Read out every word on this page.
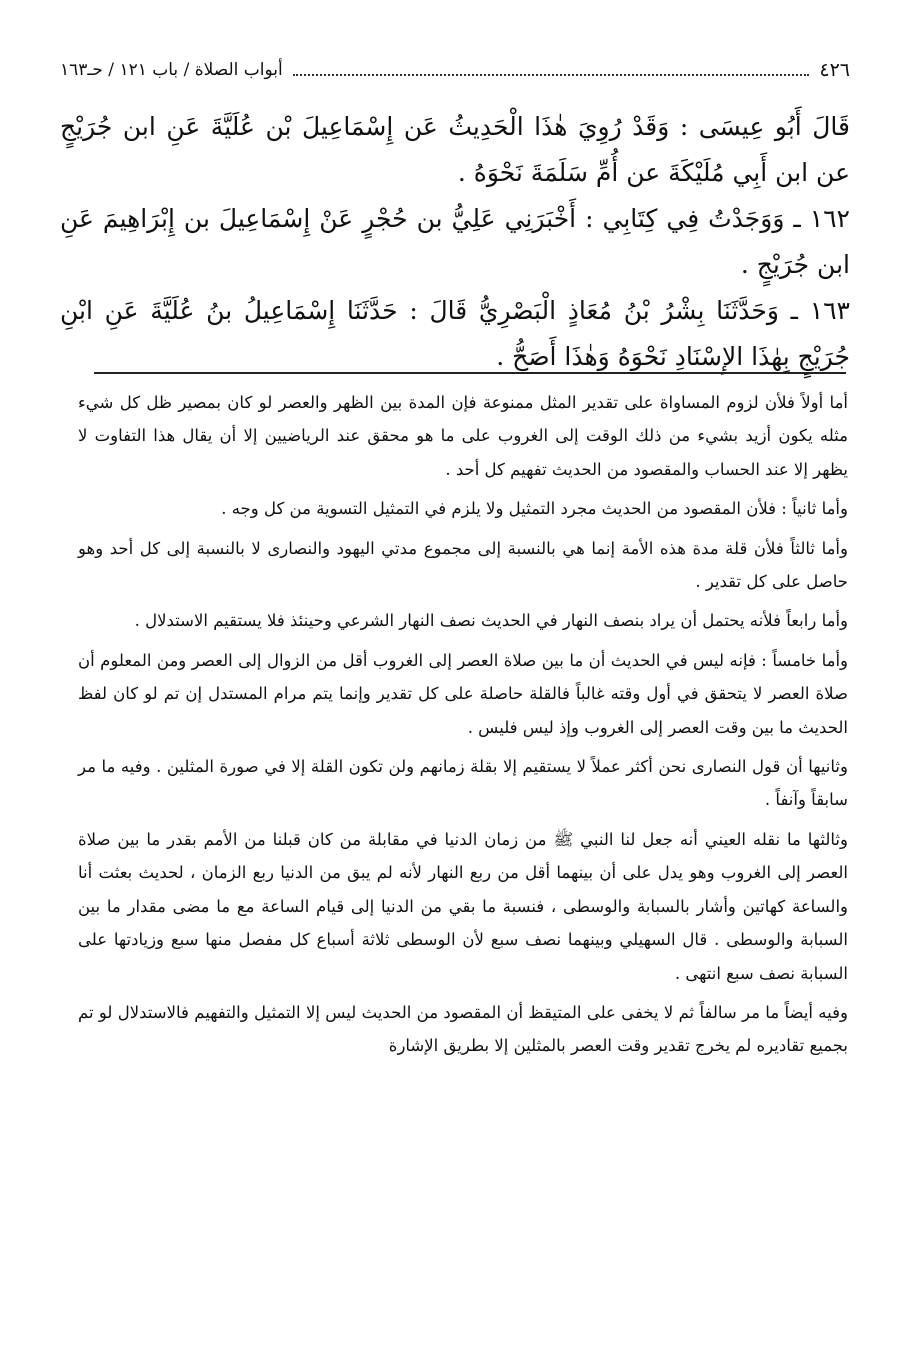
٤٢٦
أبواب الصلاة / باب ١٢١ / حـ١٦٣

قَالَ أَبُو عِيسَى : وَقَدْ رُوِيَ هٰذَا الْحَدِيثُ عَن إِسْمَاعِيلَ بْن عُلَيَّةَ عَنِ ابن جُرَيْجٍ عن ابن أَبِي مُلَيْكَةَ عن أُمِّ سَلَمَةَ نَحْوَهُ .

١٦٢ ـ وَوَجَدْتُ فِي كِتَابِي : أَخْبَرَنِي عَلِيُّ بن حُجْرٍ عَنْ إِسْمَاعِيلَ بن إِبْرَاهِيمَ عَنِ ابن جُرَيْجٍ .

١٦٣ ـ وَحَدَّثَنَا بِشْرُ بْنُ مُعَاذٍ الْبَصْرِيُّ قَالَ : حَدَّثَنَا إِسْمَاعِيلُ بنُ عُلَيَّةَ عَنِ ابْنِ جُرَيْجٍ بِهٰذَا الإِسْنَادِ نَحْوَهُ وَهٰذَا أَصَحُّ .

أما أولاً فلأن لزوم المساواة على تقدير المثل ممنوعة فإن المدة بين الظهر والعصر لو كان بمصير ظل كل شيء مثله يكون أزيد بشيء من ذلك الوقت إلى الغروب على ما هو محقق عند الرياضيين إلا أن يقال هذا التفاوت لا يظهر إلا عند الحساب والمقصود من الحديث تفهيم كل أحد .

وأما ثانياً : فلأن المقصود من الحديث مجرد التمثيل ولا يلزم في التمثيل التسوية من كل وجه .

وأما ثالثاً فلأن قلة مدة هذه الأمة إنما هي بالنسبة إلى مجموع مدتي اليهود والنصارى لا بالنسبة إلى كل أحد وهو حاصل على كل تقدير .

وأما رابعاً فلأنه يحتمل أن يراد بنصف النهار في الحديث نصف النهار الشرعي وحينئذ فلا يستقيم الاستدلال .

وأما خامساً : فإنه ليس في الحديث أن ما بين صلاة العصر إلى الغروب أقل من الزوال إلى العصر ومن المعلوم أن صلاة العصر لا يتحقق في أول وقته غالباً فالقلة حاصلة على كل تقدير وإنما يتم مرام المستدل إن تم لو كان لفظ الحديث ما بين وقت العصر إلى الغروب وإذ ليس فليس .

وثانيها أن قول النصارى نحن أكثر عملاً لا يستقيم إلا بقلة زمانهم ولن تكون القلة إلا في صورة المثلين . وفيه ما مر سابقاً وآنفاً .

وثالثها ما نقله العيني أنه جعل لنا النبي ﷺ من زمان الدنيا في مقابلة من كان قبلنا من الأمم بقدر ما بين صلاة العصر إلى الغروب وهو يدل على أن بينهما أقل من ربع النهار لأنه لم يبق من الدنيا ربع الزمان ، لحديث بعثت أنا والساعة كهاتين وأشار بالسبابة والوسطى ، فنسبة ما بقي من الدنيا إلى قيام الساعة مع ما مضى مقدار ما بين السبابة والوسطى . قال السهيلي وبينهما نصف سبع لأن الوسطى ثلاثة أسباع كل مفصل منها سبع وزيادتها على السبابة نصف سبع انتهى .

وفيه أيضاً ما مر سالفاً ثم لا يخفى على المتيقظ أن المقصود من الحديث ليس إلا التمثيل والتفهيم فالاستدلال لو تم بجميع تقاديره لم يخرج تقدير وقت العصر بالمثلين إلا بطريق الإشارة
